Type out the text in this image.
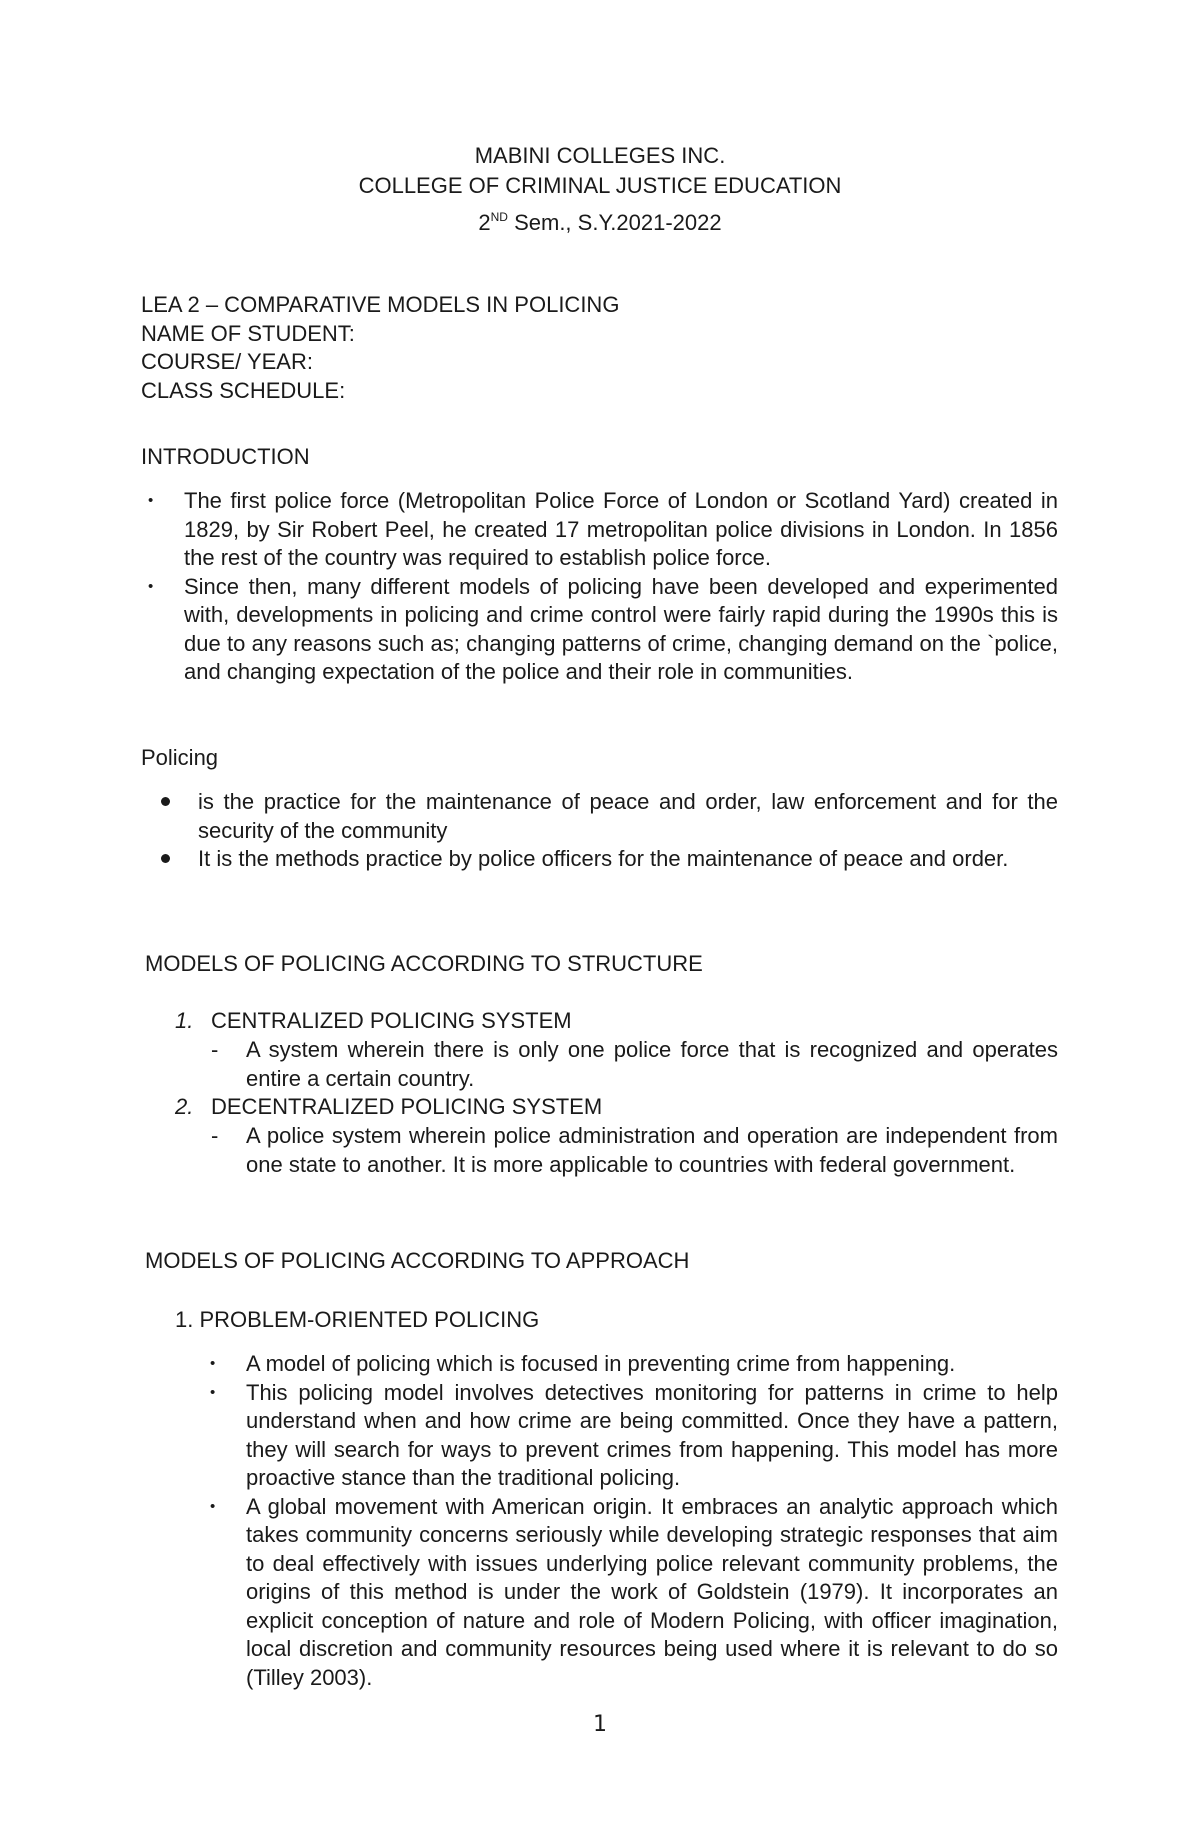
MABINI COLLEGES INC.
COLLEGE OF CRIMINAL JUSTICE EDUCATION
2ND Sem., S.Y.2021-2022
LEA 2 – COMPARATIVE MODELS IN POLICING
NAME OF STUDENT:
COURSE/ YEAR:
CLASS SCHEDULE:
INTRODUCTION
• The first police force (Metropolitan Police Force of London or Scotland Yard) created in 1829, by Sir Robert Peel, he created 17 metropolitan police divisions in London. In 1856 the rest of the country was required to establish police force.
• Since then, many different models of policing have been developed and experimented with, developments in policing and crime control were fairly rapid during the 1990s this is due to any reasons such as; changing patterns of crime, changing demand on the `police, and changing expectation of the police and their role in communities.
Policing
is the practice for the maintenance of peace and order, law enforcement and for the security of the community
It is the methods practice by police officers for the maintenance of peace and order.
MODELS OF POLICING ACCORDING TO STRUCTURE
1. CENTRALIZED POLICING SYSTEM
- A system wherein there is only one police force that is recognized and operates entire a certain country.
2. DECENTRALIZED POLICING SYSTEM
- A police system wherein police administration and operation are independent from one state to another. It is more applicable to countries with federal government.
MODELS OF POLICING ACCORDING TO APPROACH
1. PROBLEM-ORIENTED POLICING
• A model of policing which is focused in preventing crime from happening.
• This policing model involves detectives monitoring for patterns in crime to help understand when and how crime are being committed. Once they have a pattern, they will search for ways to prevent crimes from happening. This model has more proactive stance than the traditional policing.
• A global movement with American origin. It embraces an analytic approach which takes community concerns seriously while developing strategic responses that aim to deal effectively with issues underlying police relevant community problems, the origins of this method is under the work of Goldstein (1979). It incorporates an explicit conception of nature and role of Modern Policing, with officer imagination, local discretion and community resources being used where it is relevant to do so (Tilley 2003).
1
